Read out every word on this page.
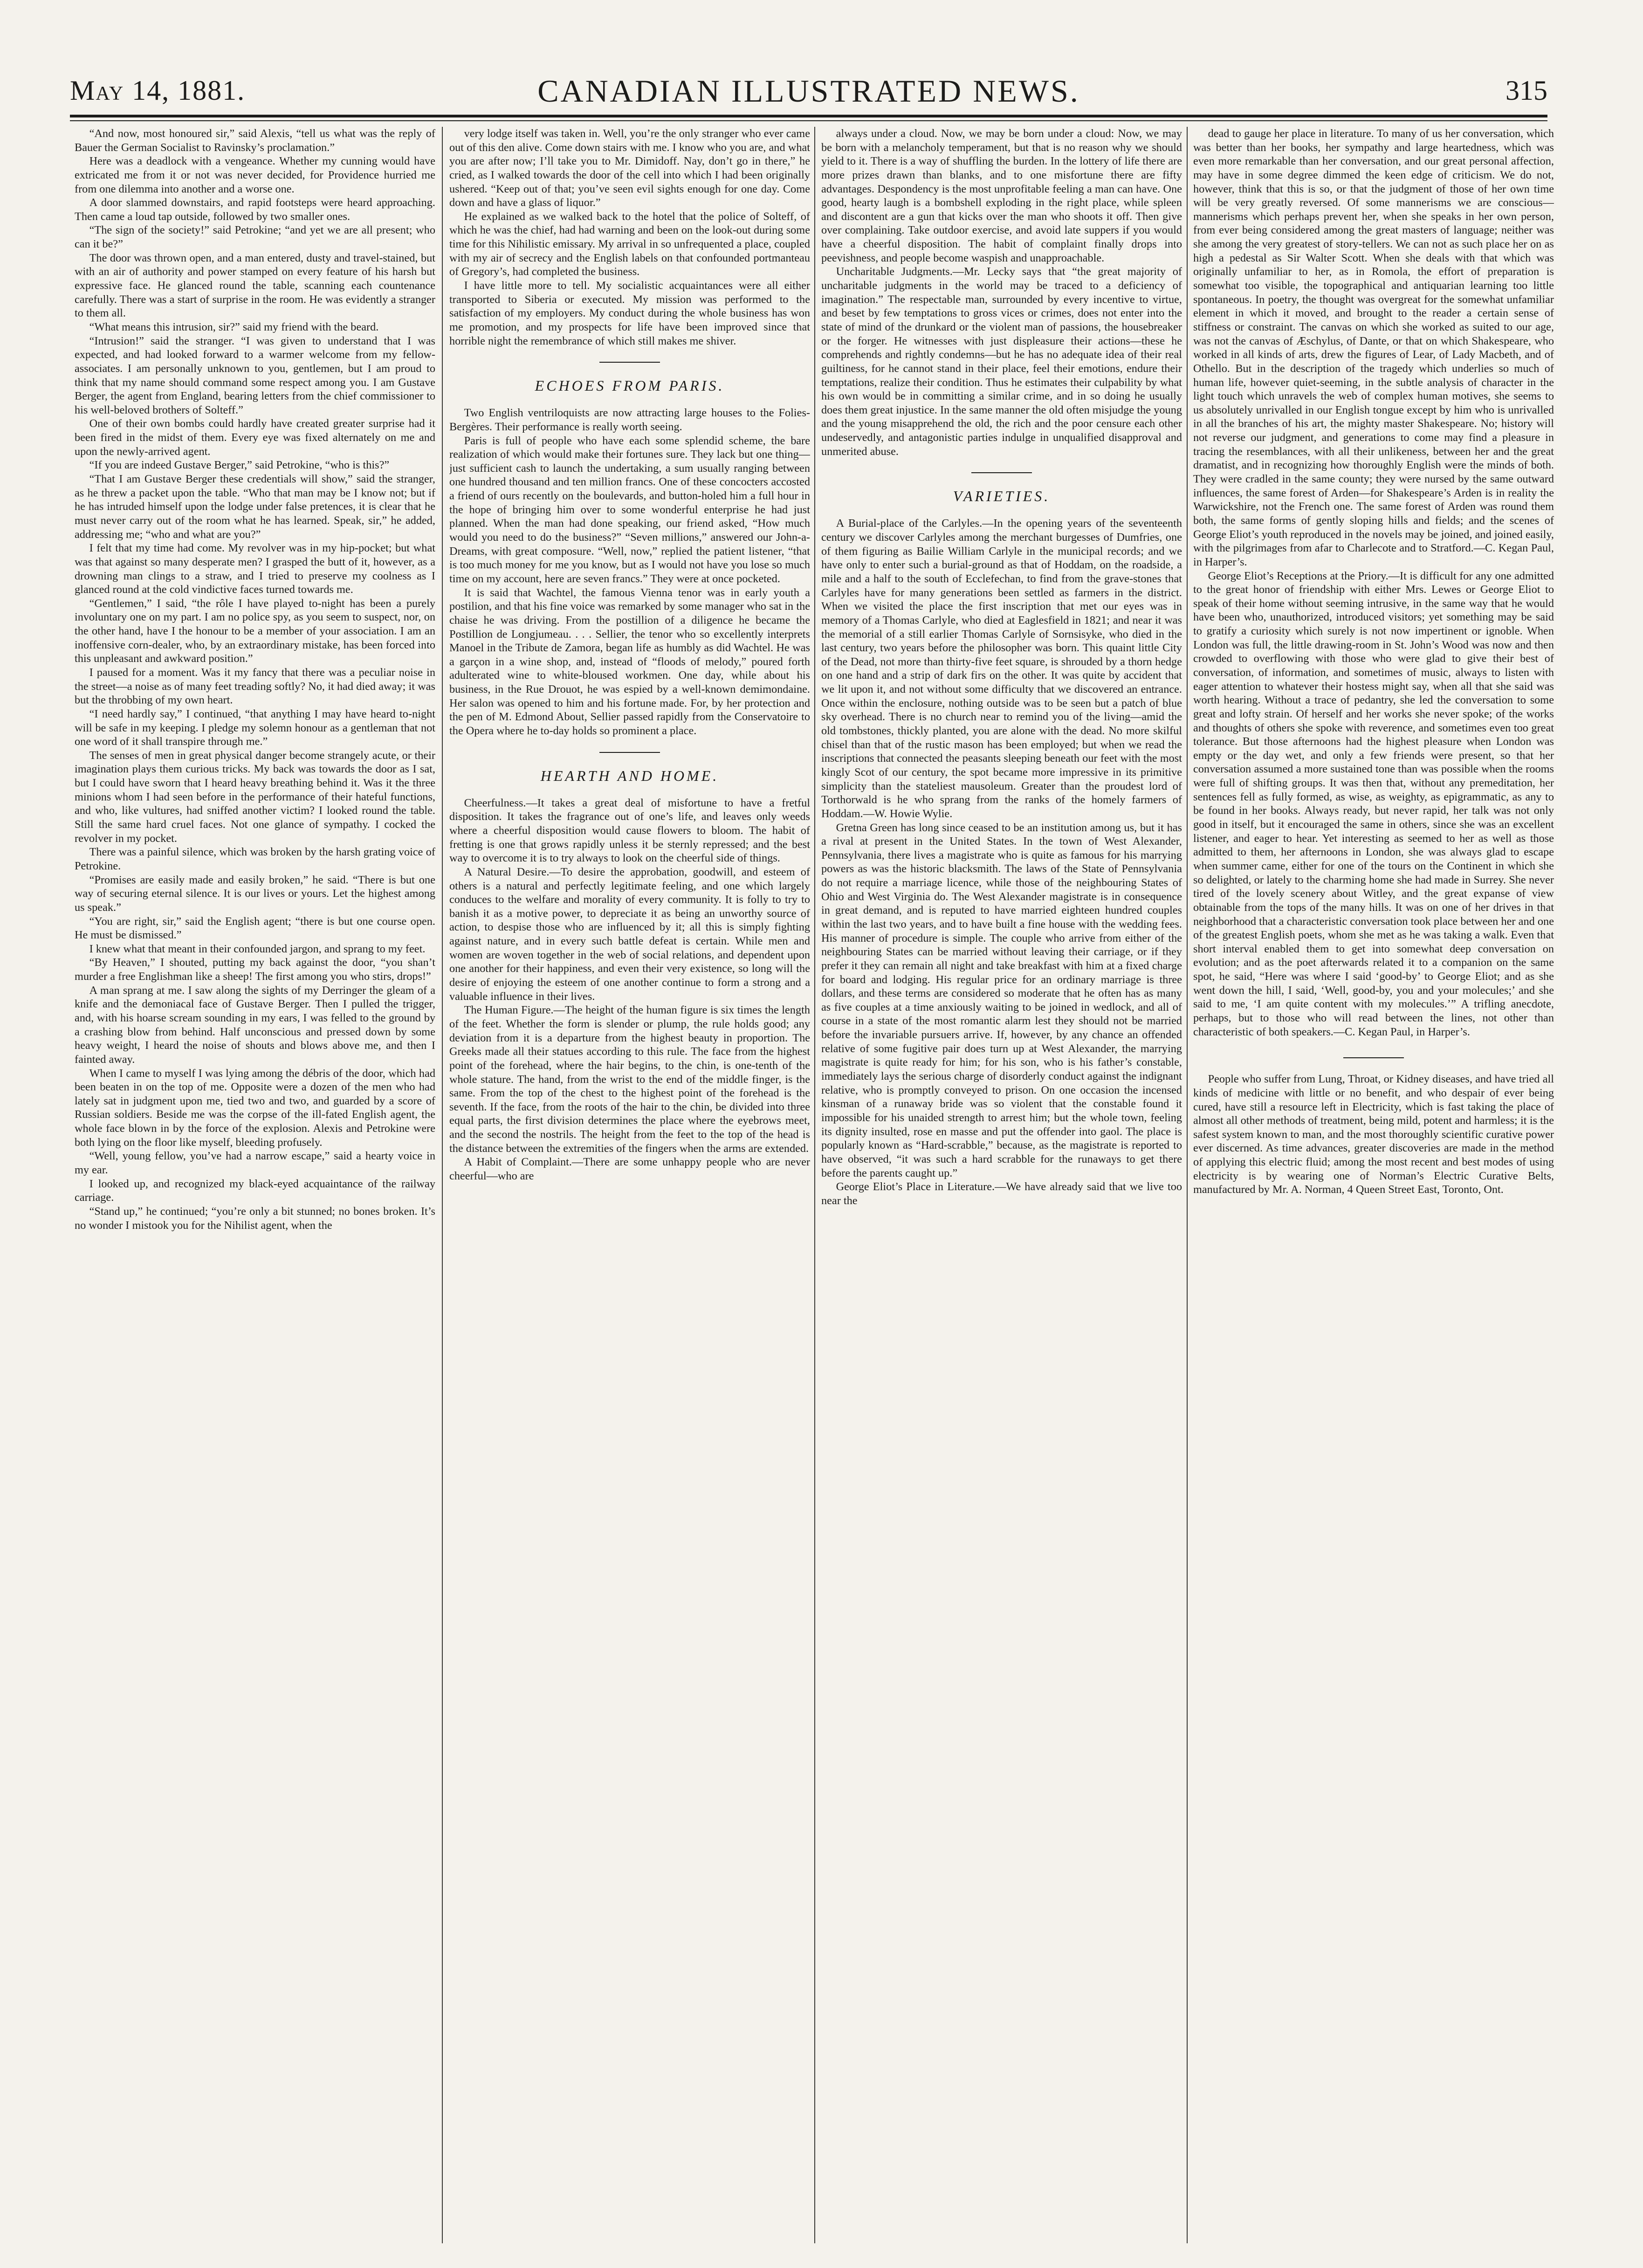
May 14, 1881.	CANADIAN ILLUSTRATED NEWS.	315

“And now, most honoured sir,” said Alexis, “tell us what was the reply of Bauer the German Socialist to Ravinsky’s proclamation.”

Here was a deadlock with a vengeance. Whether my cunning would have extricated me from it or not was never decided, for Providence hurried me from one dilemma into another and a worse one.

A door slammed downstairs, and rapid footsteps were heard approaching. Then came a loud tap outside, followed by two smaller ones.

“The sign of the society!” said Petrokine; “and yet we are all present; who can it be?”

The door was thrown open, and a man entered, dusty and travel-stained, but with an air of authority and power stamped on every feature of his harsh but expressive face. He glanced round the table, scanning each countenance carefully. There was a start of surprise in the room. He was evidently a stranger to them all.

“What means this intrusion, sir?” said my friend with the beard.

“Intrusion!” said the stranger. “I was given to understand that I was expected, and had looked forward to a warmer welcome from my fellow-associates. I am personally unknown to you, gentlemen, but I am proud to think that my name should command some respect among you. I am Gustave Berger, the agent from England, bearing letters from the chief commissioner to his well-beloved brothers of Solteff.”

One of their own bombs could hardly have created greater surprise had it been fired in the midst of them. Every eye was fixed alternately on me and upon the newly-arrived agent.

“If you are indeed Gustave Berger,” said Petrokine, “who is this?”

“That I am Gustave Berger these credentials will show,” said the stranger, as he threw a packet upon the table. “Who that man may be I know not; but if he has intruded himself upon the lodge under false pretences, it is clear that he must never carry out of the room what he has learned. Speak, sir,” he added, addressing me; “who and what are you?”

I felt that my time had come. My revolver was in my hip-pocket; but what was that against so many desperate men? I grasped the butt of it, however, as a drowning man clings to a straw, and I tried to preserve my coolness as I glanced round at the cold vindictive faces turned towards me.

“Gentlemen,” I said, “the rôle I have played to-night has been a purely involuntary one on my part. I am no police spy, as you seem to suspect, nor, on the other hand, have I the honour to be a member of your association. I am an inoffensive corn-dealer, who, by an extraordinary mistake, has been forced into this unpleasant and awkward position.”

I paused for a moment. Was it my fancy that there was a peculiar noise in the street—a noise as of many feet treading softly? No, it had died away; it was but the throbbing of my own heart.

“I need hardly say,” I continued, “that anything I may have heard to-night will be safe in my keeping. I pledge my solemn honour as a gentleman that not one word of it shall transpire through me.”

The senses of men in great physical danger become strangely acute, or their imagination plays them curious tricks. My back was towards the door as I sat, but I could have sworn that I heard heavy breathing behind it. Was it the three minions whom I had seen before in the performance of their hateful functions, and who, like vultures, had sniffed another victim? I looked round the table. Still the same hard cruel faces. Not one glance of sympathy. I cocked the revolver in my pocket.

There was a painful silence, which was broken by the harsh grating voice of Petrokine.

“Promises are easily made and easily broken,” he said. “There is but one way of securing eternal silence. It is our lives or yours. Let the highest among us speak.”

“You are right, sir,” said the English agent; “there is but one course open. He must be dismissed.”

I knew what that meant in their confounded jargon, and sprang to my feet.

“By Heaven,” I shouted, putting my back against the door, “you shan’t murder a free Englishman like a sheep! The first among you who stirs, drops!”

A man sprang at me. I saw along the sights of my Derringer the gleam of a knife and the demoniacal face of Gustave Berger. Then I pulled the trigger, and, with his hoarse scream sounding in my ears, I was felled to the ground by a crashing blow from behind. Half unconscious and pressed down by some heavy weight, I heard the noise of shouts and blows above me, and then I fainted away.

When I came to myself I was lying among the débris of the door, which had been beaten in on the top of me. Opposite were a dozen of the men who had lately sat in judgment upon me, tied two and two, and guarded by a score of Russian soldiers. Beside me was the corpse of the ill-fated English agent, the whole face blown in by the force of the explosion. Alexis and Petrokine were both lying on the floor like myself, bleeding profusely.

“Well, young fellow, you’ve had a narrow escape,” said a hearty voice in my ear.

I looked up, and recognized my black-eyed acquaintance of the railway carriage.

“Stand up,” he continued; “you’re only a bit stunned; no bones broken. It’s no wonder I mistook you for the Nihilist agent, when the

very lodge itself was taken in. Well, you’re the only stranger who ever came out of this den alive. Come down stairs with me. I know who you are, and what you are after now; I’ll take you to Mr. Dimidoff. Nay, don’t go in there,” he cried, as I walked towards the door of the cell into which I had been originally ushered. “Keep out of that; you’ve seen evil sights enough for one day. Come down and have a glass of liquor.”

He explained as we walked back to the hotel that the police of Solteff, of which he was the chief, had had warning and been on the look-out during some time for this Nihilistic emissary. My arrival in so unfrequented a place, coupled with my air of secrecy and the English labels on that confounded portmanteau of Gregory’s, had completed the business.

I have little more to tell. My socialistic acquaintances were all either transported to Siberia or executed. My mission was performed to the satisfaction of my employers. My conduct during the whole business has won me promotion, and my prospects for life have been improved since that horrible night the remembrance of which still makes me shiver.

ECHOES FROM PARIS.

Two English ventriloquists are now attracting large houses to the Folies-Bergères. Their performance is really worth seeing.

Paris is full of people who have each some splendid scheme, the bare realization of which would make their fortunes sure. They lack but one thing—just sufficient cash to launch the undertaking, a sum usually ranging between one hundred thousand and ten million francs. One of these concocters accosted a friend of ours recently on the boulevards, and button-holed him a full hour in the hope of bringing him over to some wonderful enterprise he had just planned. When the man had done speaking, our friend asked, “How much would you need to do the business?” “Seven millions,” answered our John-a-Dreams, with great composure. “Well, now,” replied the patient listener, “that is too much money for me you know, but as I would not have you lose so much time on my account, here are seven francs.” They were at once pocketed.

It is said that Wachtel, the famous Vienna tenor was in early youth a postilion, and that his fine voice was remarked by some manager who sat in the chaise he was driving. From the postillion of a diligence he became the Postillion de Longjumeau. . . . Sellier, the tenor who so excellently interprets Manoel in the Tribute de Zamora, began life as humbly as did Wachtel. He was a garçon in a wine shop, and, instead of “floods of melody,” poured forth adulterated wine to white-bloused workmen. One day, while about his business, in the Rue Drouot, he was espied by a well-known demimondaine. Her salon was opened to him and his fortune made. For, by her protection and the pen of M. Edmond About, Sellier passed rapidly from the Conservatoire to the Opera where he to-day holds so prominent a place.

HEARTH AND HOME.

Cheerfulness.—It takes a great deal of misfortune to have a fretful disposition. It takes the fragrance out of one’s life, and leaves only weeds where a cheerful disposition would cause flowers to bloom. The habit of fretting is one that grows rapidly unless it be sternly repressed; and the best way to overcome it is to try always to look on the cheerful side of things.

A Natural Desire.—To desire the approbation, goodwill, and esteem of others is a natural and perfectly legitimate feeling, and one which largely conduces to the welfare and morality of every community. It is folly to try to banish it as a motive power, to depreciate it as being an unworthy source of action, to despise those who are influenced by it; all this is simply fighting against nature, and in every such battle defeat is certain. While men and women are woven together in the web of social relations, and dependent upon one another for their happiness, and even their very existence, so long will the desire of enjoying the esteem of one another continue to form a strong and a valuable influence in their lives.

The Human Figure.—The height of the human figure is six times the length of the feet. Whether the form is slender or plump, the rule holds good; any deviation from it is a departure from the highest beauty in proportion. The Greeks made all their statues according to this rule. The face from the highest point of the forehead, where the hair begins, to the chin, is one-tenth of the whole stature. The hand, from the wrist to the end of the middle finger, is the same. From the top of the chest to the highest point of the forehead is the seventh. If the face, from the roots of the hair to the chin, be divided into three equal parts, the first division determines the place where the eyebrows meet, and the second the nostrils. The height from the feet to the top of the head is the distance between the extremities of the fingers when the arms are extended.

A Habit of Complaint.—There are some unhappy people who are never cheerful—who are

always under a cloud. Now, we may be born under a cloud: Now, we may be born with a melancholy temperament, but that is no reason why we should yield to it. There is a way of shuffling the burden. In the lottery of life there are more prizes drawn than blanks, and to one misfortune there are fifty advantages. Despondency is the most unprofitable feeling a man can have. One good, hearty laugh is a bombshell exploding in the right place, while spleen and discontent are a gun that kicks over the man who shoots it off. Then give over complaining. Take outdoor exercise, and avoid late suppers if you would have a cheerful disposition. The habit of complaint finally drops into peevishness, and people become waspish and unapproachable.

Uncharitable Judgments.—Mr. Lecky says that “the great majority of uncharitable judgments in the world may be traced to a deficiency of imagination.” The respectable man, surrounded by every incentive to virtue, and beset by few temptations to gross vices or crimes, does not enter into the state of mind of the drunkard or the violent man of passions, the housebreaker or the forger. He witnesses with just displeasure their actions—these he comprehends and rightly condemns—but he has no adequate idea of their real guiltiness, for he cannot stand in their place, feel their emotions, endure their temptations, realize their condition. Thus he estimates their culpability by what his own would be in committing a similar crime, and in so doing he usually does them great injustice. In the same manner the old often misjudge the young and the young misapprehend the old, the rich and the poor censure each other undeservedly, and antagonistic parties indulge in unqualified disapproval and unmerited abuse.

VARIETIES.

A Burial-place of the Carlyles.—In the opening years of the seventeenth century we discover Carlyles among the merchant burgesses of Dumfries, one of them figuring as Bailie William Carlyle in the municipal records; and we have only to enter such a burial-ground as that of Hoddam, on the roadside, a mile and a half to the south of Ecclefechan, to find from the grave-stones that Carlyles have for many generations been settled as farmers in the district. When we visited the place the first inscription that met our eyes was in memory of a Thomas Carlyle, who died at Eaglesfield in 1821; and near it was the memorial of a still earlier Thomas Carlyle of Sornsisyke, who died in the last century, two years before the philosopher was born. This quaint little City of the Dead, not more than thirty-five feet square, is shrouded by a thorn hedge on one hand and a strip of dark firs on the other. It was quite by accident that we lit upon it, and not without some difficulty that we discovered an entrance. Once within the enclosure, nothing outside was to be seen but a patch of blue sky overhead. There is no church near to remind you of the living—amid the old tombstones, thickly planted, you are alone with the dead. No more skilful chisel than that of the rustic mason has been employed; but when we read the inscriptions that connected the peasants sleeping beneath our feet with the most kingly Scot of our century, the spot became more impressive in its primitive simplicity than the stateliest mausoleum. Greater than the proudest lord of Torthorwald is he who sprang from the ranks of the homely farmers of Hoddam.—W. Howie Wylie.

Gretna Green has long since ceased to be an institution among us, but it has a rival at present in the United States. In the town of West Alexander, Pennsylvania, there lives a magistrate who is quite as famous for his marrying powers as was the historic blacksmith. The laws of the State of Pennsylvania do not require a marriage licence, while those of the neighbouring States of Ohio and West Virginia do. The West Alexander magistrate is in consequence in great demand, and is reputed to have married eighteen hundred couples within the last two years, and to have built a fine house with the wedding fees. His manner of procedure is simple. The couple who arrive from either of the neighbouring States can be married without leaving their carriage, or if they prefer it they can remain all night and take breakfast with him at a fixed charge for board and lodging. His regular price for an ordinary marriage is three dollars, and these terms are considered so moderate that he often has as many as five couples at a time anxiously waiting to be joined in wedlock, and all of course in a state of the most romantic alarm lest they should not be married before the invariable pursuers arrive. If, however, by any chance an offended relative of some fugitive pair does turn up at West Alexander, the marrying magistrate is quite ready for him; for his son, who is his father’s constable, immediately lays the serious charge of disorderly conduct against the indignant relative, who is promptly conveyed to prison. On one occasion the incensed kinsman of a runaway bride was so violent that the constable found it impossible for his unaided strength to arrest him; but the whole town, feeling its dignity insulted, rose en masse and put the offender into gaol. The place is popularly known as “Hard-scrabble,” because, as the magistrate is reported to have observed, “it was such a hard scrabble for the runaways to get there before the parents caught up.”

George Eliot’s Place in Literature.—We have already said that we live too near the

dead to gauge her place in literature. To many of us her conversation, which was better than her books, her sympathy and large heartedness, which was even more remarkable than her conversation, and our great personal affection, may have in some degree dimmed the keen edge of criticism. We do not, however, think that this is so, or that the judgment of those of her own time will be very greatly reversed. Of some mannerisms we are conscious—mannerisms which perhaps prevent her, when she speaks in her own person, from ever being considered among the great masters of language; neither was she among the very greatest of story-tellers. We can not as such place her on as high a pedestal as Sir Walter Scott. When she deals with that which was originally unfamiliar to her, as in Romola, the effort of preparation is somewhat too visible, the topographical and antiquarian learning too little spontaneous. In poetry, the thought was overgreat for the somewhat unfamiliar element in which it moved, and brought to the reader a certain sense of stiffness or constraint. The canvas on which she worked as suited to our age, was not the canvas of Æschylus, of Dante, or that on which Shakespeare, who worked in all kinds of arts, drew the figures of Lear, of Lady Macbeth, and of Othello. But in the description of the tragedy which underlies so much of human life, however quiet-seeming, in the subtle analysis of character in the light touch which unravels the web of complex human motives, she seems to us absolutely unrivalled in our English tongue except by him who is unrivalled in all the branches of his art, the mighty master Shakespeare. No; history will not reverse our judgment, and generations to come may find a pleasure in tracing the resemblances, with all their unlikeness, between her and the great dramatist, and in recognizing how thoroughly English were the minds of both. They were cradled in the same county; they were nursed by the same outward influences, the same forest of Arden—for Shakespeare’s Arden is in reality the Warwickshire, not the French one. The same forest of Arden was round them both, the same forms of gently sloping hills and fields; and the scenes of George Eliot’s youth reproduced in the novels may be joined, and joined easily, with the pilgrimages from afar to Charlecote and to Stratford.—C. Kegan Paul, in Harper’s.

George Eliot’s Receptions at the Priory.—It is difficult for any one admitted to the great honor of friendship with either Mrs. Lewes or George Eliot to speak of their home without seeming intrusive, in the same way that he would have been who, unauthorized, introduced visitors; yet something may be said to gratify a curiosity which surely is not now impertinent or ignoble. When London was full, the little drawing-room in St. John’s Wood was now and then crowded to overflowing with those who were glad to give their best of conversation, of information, and sometimes of music, always to listen with eager attention to whatever their hostess might say, when all that she said was worth hearing. Without a trace of pedantry, she led the conversation to some great and lofty strain. Of herself and her works she never spoke; of the works and thoughts of others she spoke with reverence, and sometimes even too great tolerance. But those afternoons had the highest pleasure when London was empty or the day wet, and only a few friends were present, so that her conversation assumed a more sustained tone than was possible when the rooms were full of shifting groups. It was then that, without any premeditation, her sentences fell as fully formed, as wise, as weighty, as epigrammatic, as any to be found in her books. Always ready, but never rapid, her talk was not only good in itself, but it encouraged the same in others, since she was an excellent listener, and eager to hear. Yet interesting as seemed to her as well as those admitted to them, her afternoons in London, she was always glad to escape when summer came, either for one of the tours on the Continent in which she so delighted, or lately to the charming home she had made in Surrey. She never tired of the lovely scenery about Witley, and the great expanse of view obtainable from the tops of the many hills. It was on one of her drives in that neighborhood that a characteristic conversation took place between her and one of the greatest English poets, whom she met as he was taking a walk. Even that short interval enabled them to get into somewhat deep conversation on evolution; and as the poet afterwards related it to a companion on the same spot, he said, “Here was where I said ‘good-by’ to George Eliot; and as she went down the hill, I said, ‘Well, good-by, you and your molecules;’ and she said to me, ‘I am quite content with my molecules.’” A trifling anecdote, perhaps, but to those who will read between the lines, not other than characteristic of both speakers.—C. Kegan Paul, in Harper’s.

People who suffer from Lung, Throat, or Kidney diseases, and have tried all kinds of medicine with little or no benefit, and who despair of ever being cured, have still a resource left in Electricity, which is fast taking the place of almost all other methods of treatment, being mild, potent and harmless; it is the safest system known to man, and the most thoroughly scientific curative power ever discerned. As time advances, greater discoveries are made in the method of applying this electric fluid; among the most recent and best modes of using electricity is by wearing one of Norman’s Electric Curative Belts, manufactured by Mr. A. Norman, 4 Queen Street East, Toronto, Ont.
